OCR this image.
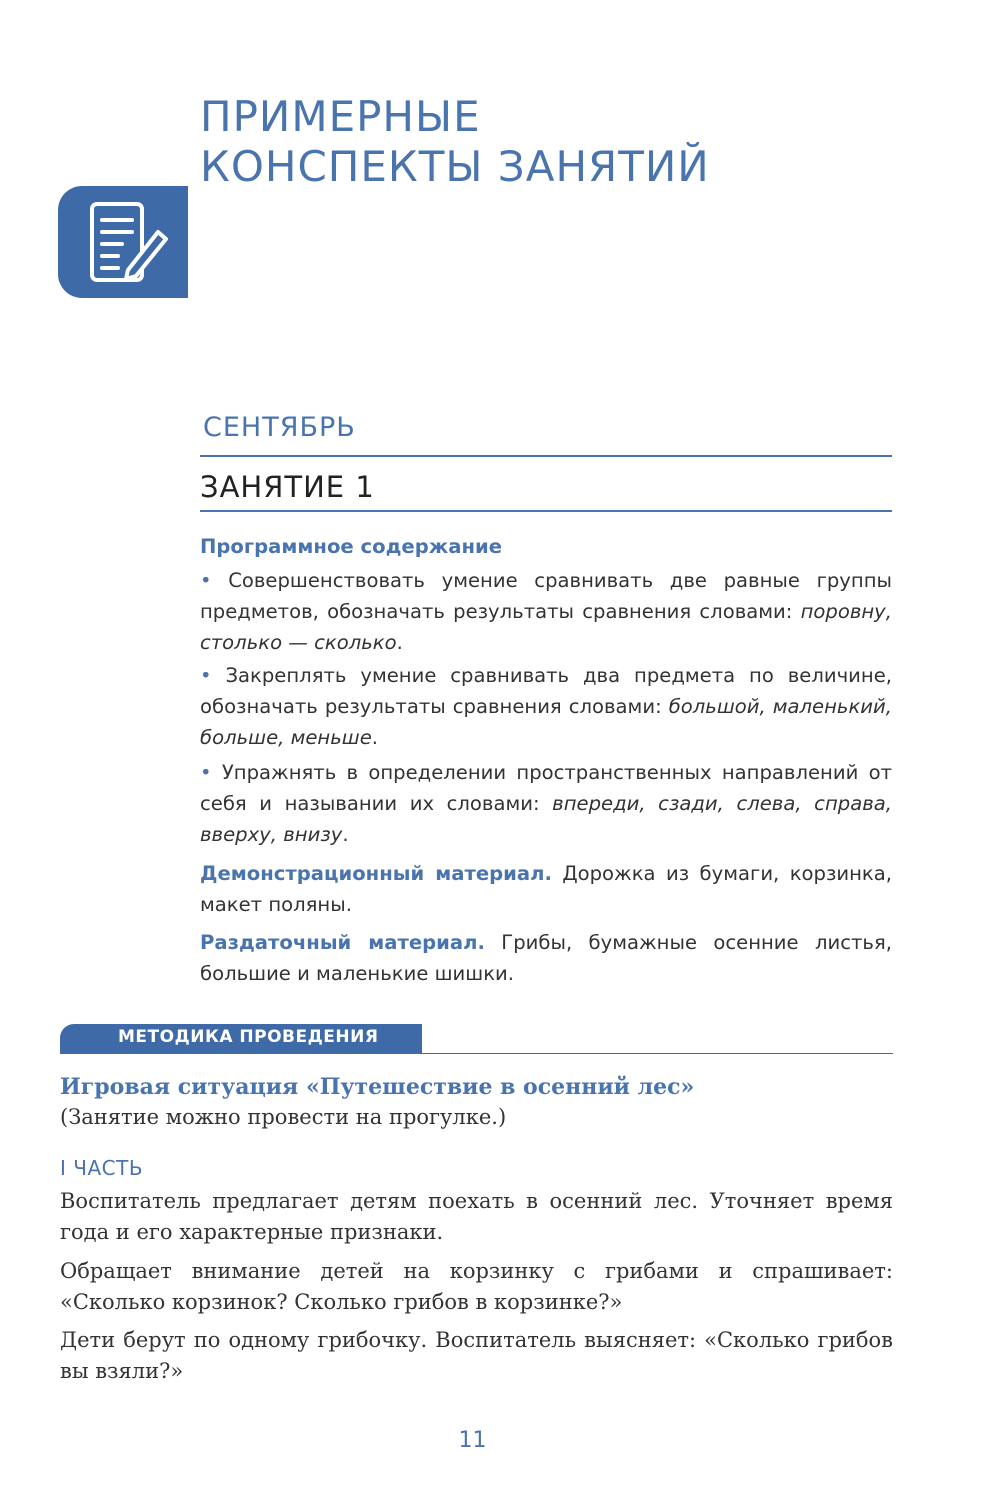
ПРИМЕРНЫЕ
КОНСПЕКТЫ ЗАНЯТИЙ
СЕНТЯБРЬ
ЗАНЯТИЕ 1
Программное содержание

• Совершенствовать умение сравнивать две равные группы предметов, обозначать результаты сравнения словами: поровну, столько — сколько.

• Закреплять умение сравнивать два предмета по величине, обозначать результаты сравнения словами: большой, маленький, больше, меньше.

• Упражнять в определении пространственных направлений от себя и назывании их словами: впереди, сзади, слева, справа, вверху, внизу.

Демонстрационный материал. Дорожка из бумаги, корзинка, макет поляны.

Раздаточный материал. Грибы, бумажные осенние листья, большие и маленькие шишки.

МЕТОДИКА ПРОВЕДЕНИЯ
Игровая ситуация «Путешествие в осенний лес»
(Занятие можно провести на прогулке.)
I ЧАСТЬ

Воспитатель предлагает детям поехать в осенний лес. Уточняет время года и его характерные признаки.

Обращает внимание детей на корзинку с грибами и спрашивает: «Сколько корзинок? Сколько грибов в корзинке?»

Дети берут по одному грибочку. Воспитатель выясняет: «Сколько грибов вы взяли?»

11
